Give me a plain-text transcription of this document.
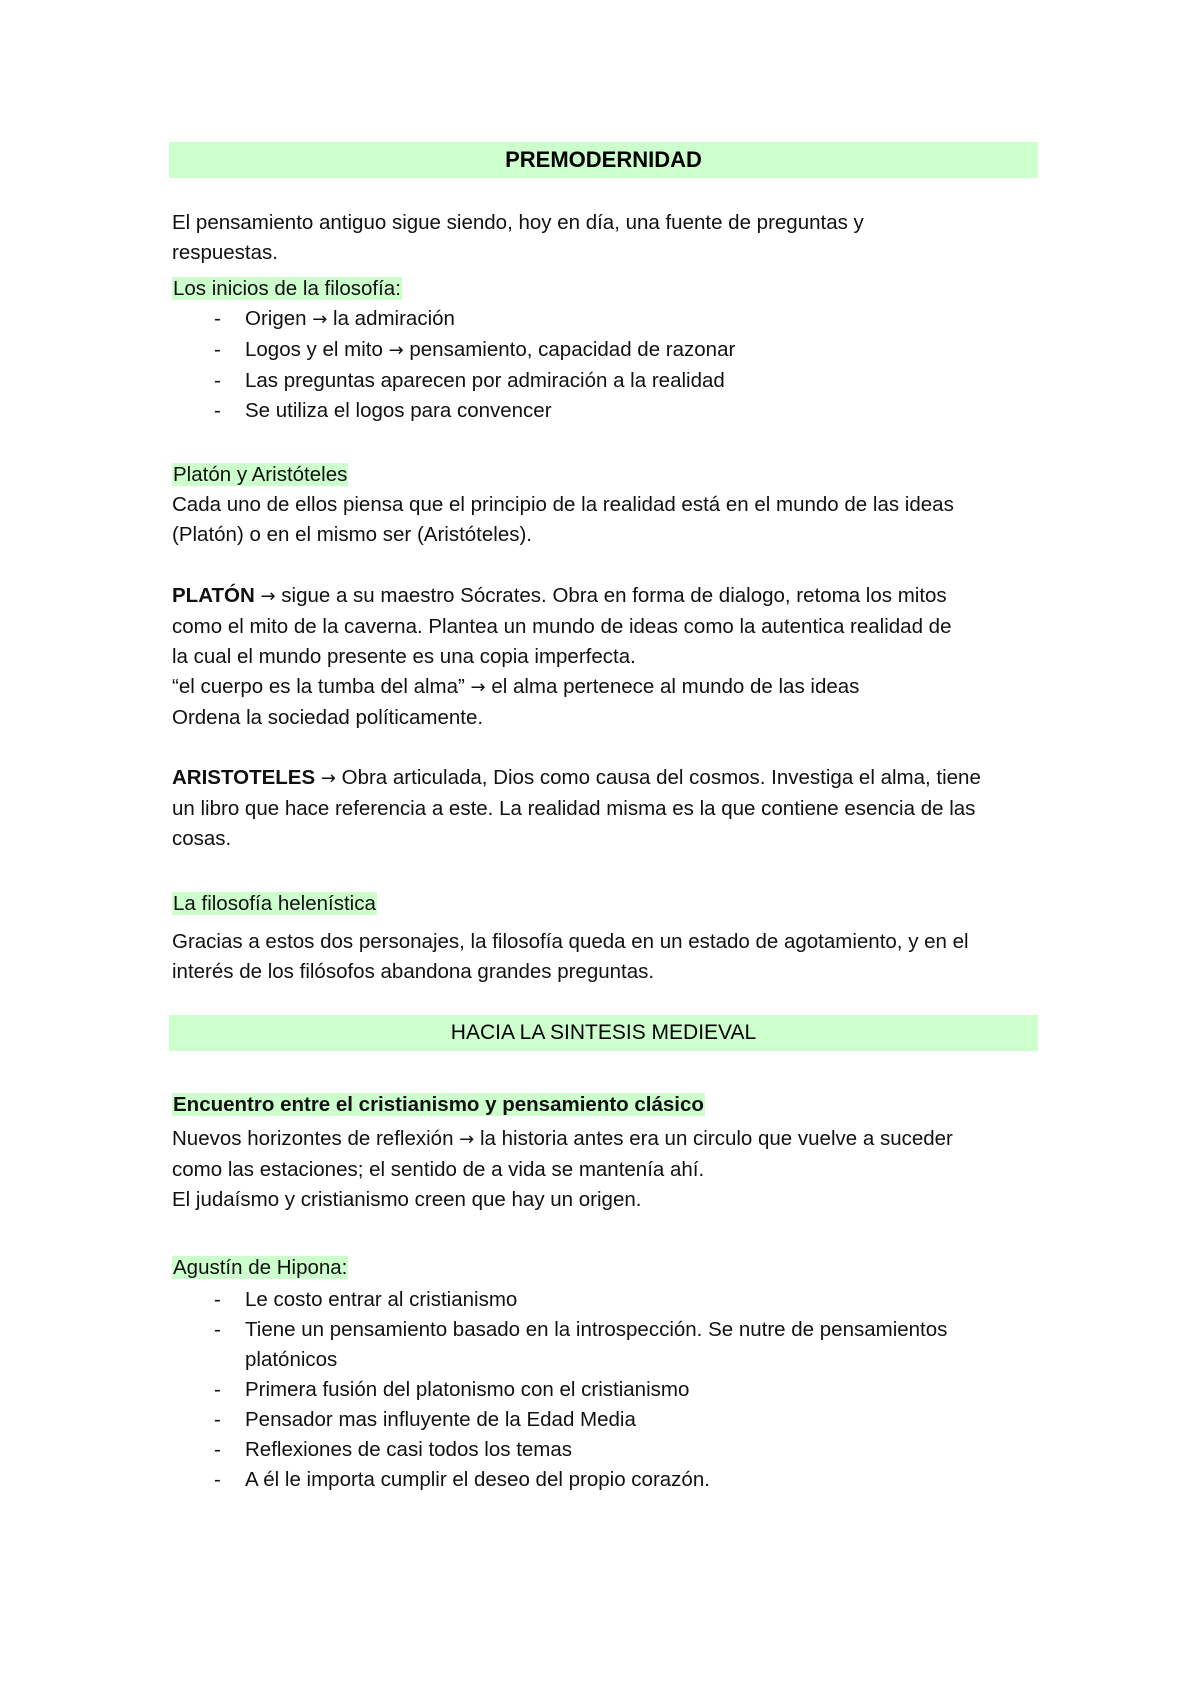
PREMODERNIDAD

El pensamiento antiguo sigue siendo, hoy en día, una fuente de preguntas y

respuestas.

Los inicios de la filosofía:

- Origen → la admiración
- Logos y el mito → pensamiento, capacidad de razonar
- Las preguntas aparecen por admiración a la realidad
- Se utiliza el logos para convencer

Platón y Aristóteles

Cada uno de ellos piensa que el principio de la realidad está en el mundo de las ideas

(Platón) o en el mismo ser (Aristóteles).

PLATÓN → sigue a su maestro Sócrates. Obra en forma de dialogo, retoma los mitos

como el mito de la caverna. Plantea un mundo de ideas como la autentica realidad de

la cual el mundo presente es una copia imperfecta.

“el cuerpo es la tumba del alma” → el alma pertenece al mundo de las ideas

Ordena la sociedad políticamente.

ARISTOTELES → Obra articulada, Dios como causa del cosmos. Investiga el alma, tiene

un libro que hace referencia a este. La realidad misma es la que contiene esencia de las

cosas.

La filosofía helenística

Gracias a estos dos personajes, la filosofía queda en un estado de agotamiento, y en el

interés de los filósofos abandona grandes preguntas.

HACIA LA SINTESIS MEDIEVAL

Encuentro entre el cristianismo y pensamiento clásico

Nuevos horizontes de reflexión → la historia antes era un circulo que vuelve a suceder

como las estaciones; el sentido de a vida se mantenía ahí.

El judaísmo y cristianismo creen que hay un origen.

Agustín de Hipona:

- Le costo entrar al cristianismo
- Tiene un pensamiento basado en la introspección. Se nutre de pensamientos platónicos
- Primera fusión del platonismo con el cristianismo
- Pensador mas influyente de la Edad Media
- Reflexiones de casi todos los temas
- A él le importa cumplir el deseo del propio corazón.
